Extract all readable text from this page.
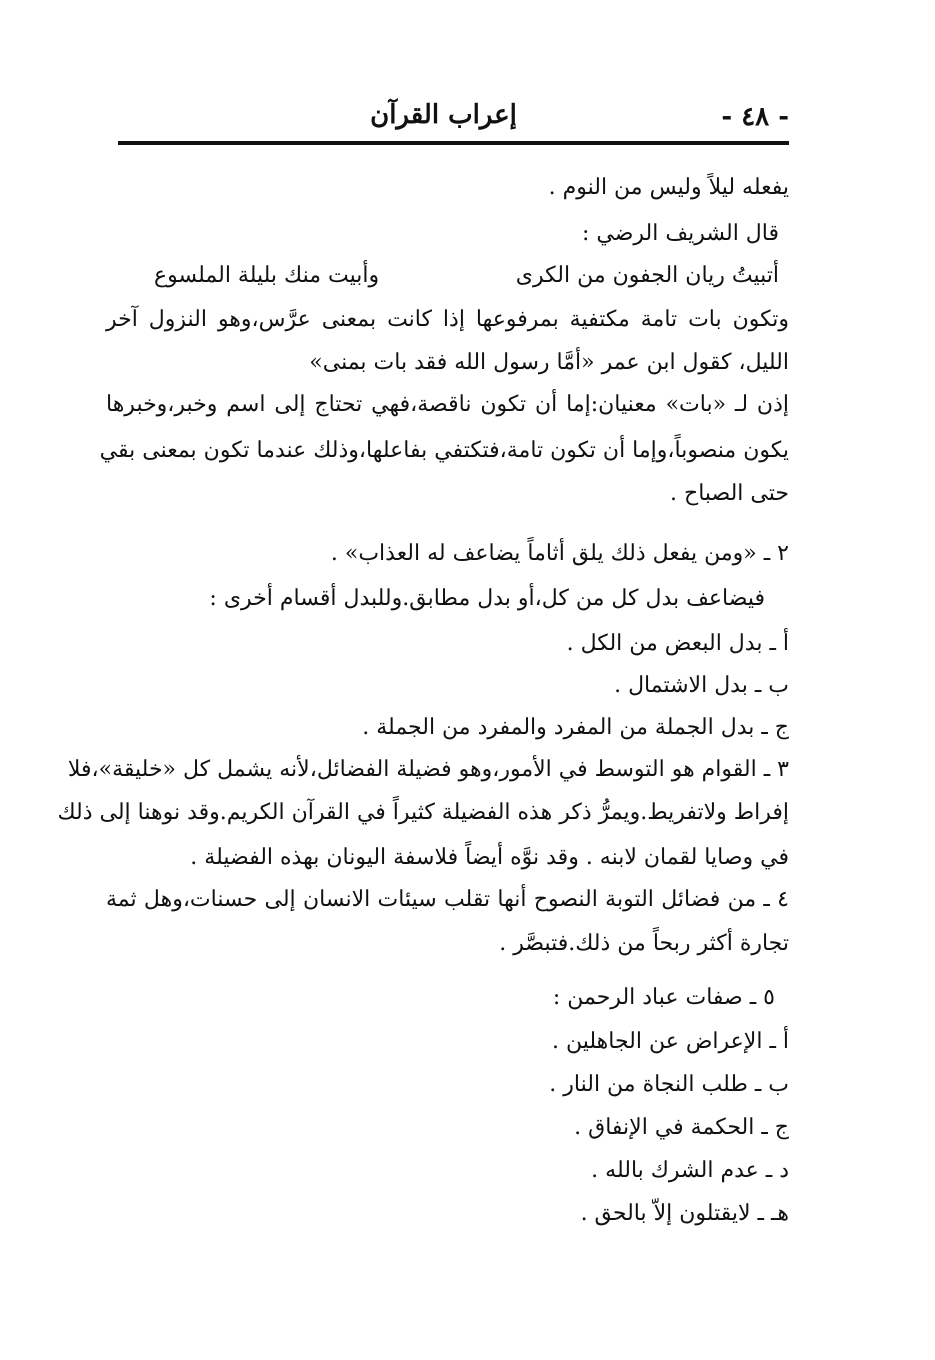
- ٤٨ -
إعراب القرآن
يفعله ليلاً وليس من النوم .
قال الشريف الرضي :
أتبيتُ ريان الجفون من الكرى
وأبيت منك بليلة الملسوع
وتكون بات تامة مكتفية بمرفوعها إذا كانت بمعنى عرَّس،وهو النزول آخر
الليل، كقول ابن عمر «أمَّا رسول الله فقد بات بمنى»
إذن لـ «بات» معنيان:إما أن تكون ناقصة،فهي تحتاج إلى اسم وخبر،وخبرها
يكون منصوباً،وإما أن تكون تامة،فتكتفي بفاعلها،وذلك عندما تكون بمعنى بقي
حتى الصباح .
٢ ـ «ومن يفعل ذلك يلق أثاماً يضاعف له العذاب» .
فيضاعف بدل كل من كل،أو بدل مطابق.وللبدل أقسام أخرى :
أ ـ بدل البعض من الكل .
ب ـ بدل الاشتمال .
ج ـ بدل الجملة من المفرد والمفرد من الجملة .
٣ ـ القوام هو التوسط في الأمور،وهو فضيلة الفضائل،لأنه يشمل كل «خليقة»،فلا
إفراط ولاتفريط.ويمرُّ ذكر هذه الفضيلة كثيراً في القرآن الكريم.وقد نوهنا إلى ذلك
في وصايا لقمان لابنه . وقد نوَّه أيضاً فلاسفة اليونان بهذه الفضيلة .
٤ ـ من فضائل التوبة النصوح أنها تقلب سيئات الانسان إلى حسنات،وهل ثمة
تجارة أكثر ربحاً من ذلك.فتبصَّر .
٥ ـ صفات عباد الرحمن :
أ ـ الإعراض عن الجاهلين .
ب ـ طلب النجاة من النار .
ج ـ الحكمة في الإنفاق .
د ـ عدم الشرك بالله .
هـ ـ لايقتلون إلاّ بالحق .
